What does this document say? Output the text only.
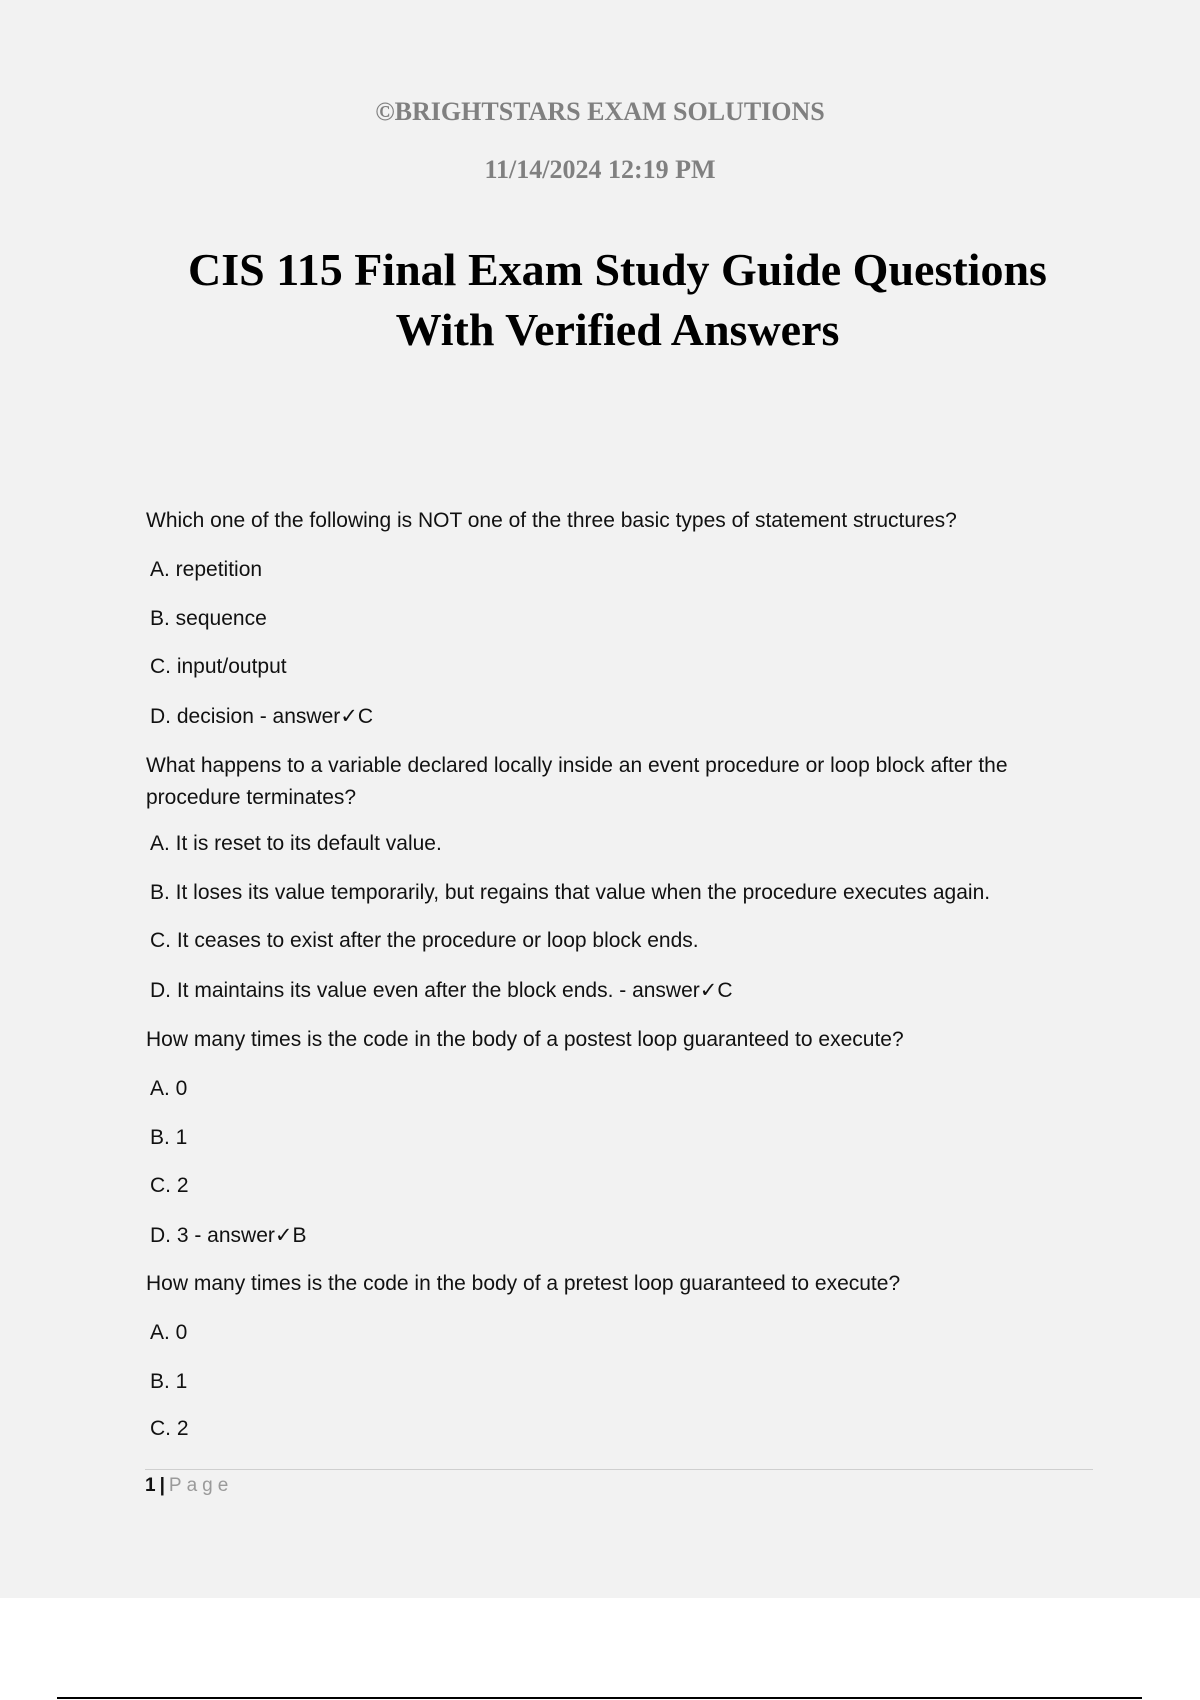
©BRIGHTSTARS EXAM SOLUTIONS

11/14/2024 12:19 PM

CIS 115 Final Exam Study Guide Questions
With Verified Answers

Which one of the following is NOT one of the three basic types of statement structures?

A. repetition

B. sequence

C. input/output

D. decision - answer✓C

What happens to a variable declared locally inside an event procedure or loop block after the

procedure terminates?

A. It is reset to its default value.

B. It loses its value temporarily, but regains that value when the procedure executes again.

C. It ceases to exist after the procedure or loop block ends.

D. It maintains its value even after the block ends. - answer✓C

How many times is the code in the body of a postest loop guaranteed to execute?

A. 0

B. 1

C. 2

D. 3 - answer✓B

How many times is the code in the body of a pretest loop guaranteed to execute?

A. 0

B. 1

C. 2

1 | Page
